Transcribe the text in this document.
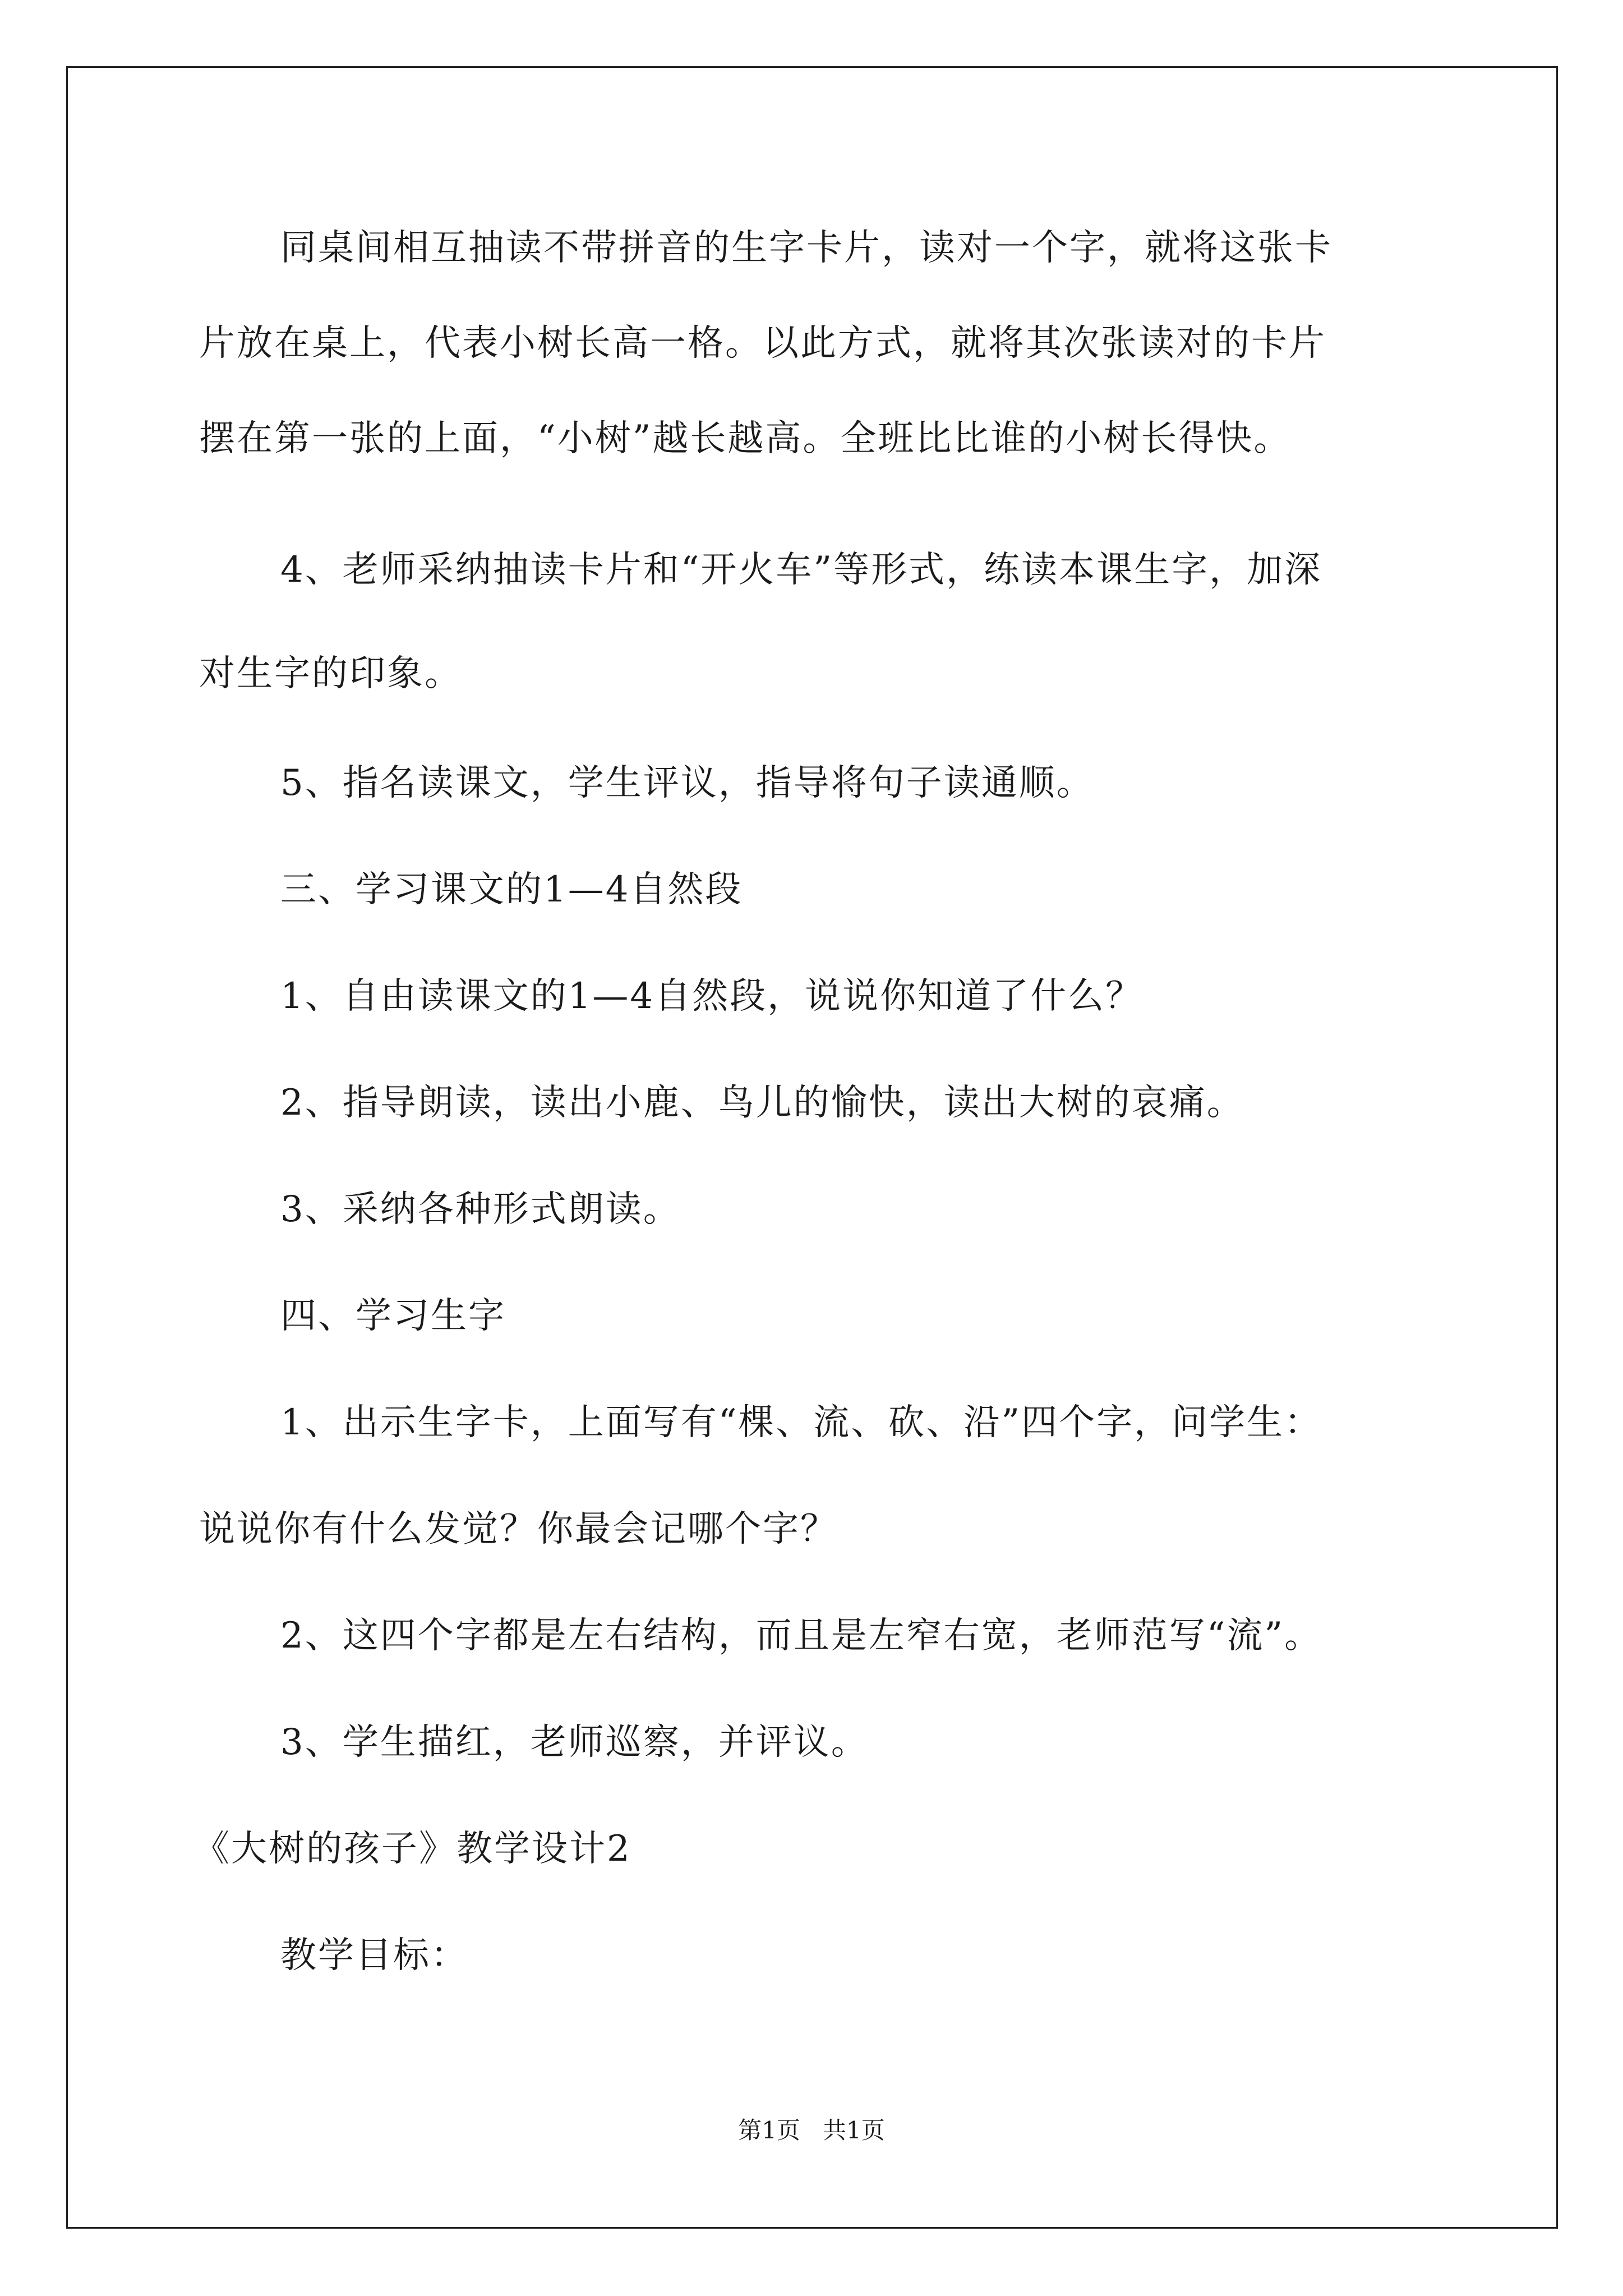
同桌间相互抽读不带拼音的生字卡片，读对一个字，就将这张卡
片放在桌上，代表小树长高一格。以此方式，就将其次张读对的卡片
摆在第一张的上面，“小树”越长越高。全班比比谁的小树长得快。
4、老师采纳抽读卡片和“开火车”等形式，练读本课生字，加深
对生字的印象。
5、指名读课文，学生评议，指导将句子读通顺。
三、学习课文的1—4自然段
1、自由读课文的1—4自然段，说说你知道了什么？
2、指导朗读，读出小鹿、鸟儿的愉快，读出大树的哀痛。
3、采纳各种形式朗读。
四、学习生字
1、出示生字卡，上面写有“棵、流、砍、沿”四个字，问学生：
说说你有什么发觉？你最会记哪个字？
2、这四个字都是左右结构，而且是左窄右宽，老师范写“流”。
3、学生描红，老师巡察，并评议。
《大树的孩子》教学设计2
教学目标：
第1页   共1页
